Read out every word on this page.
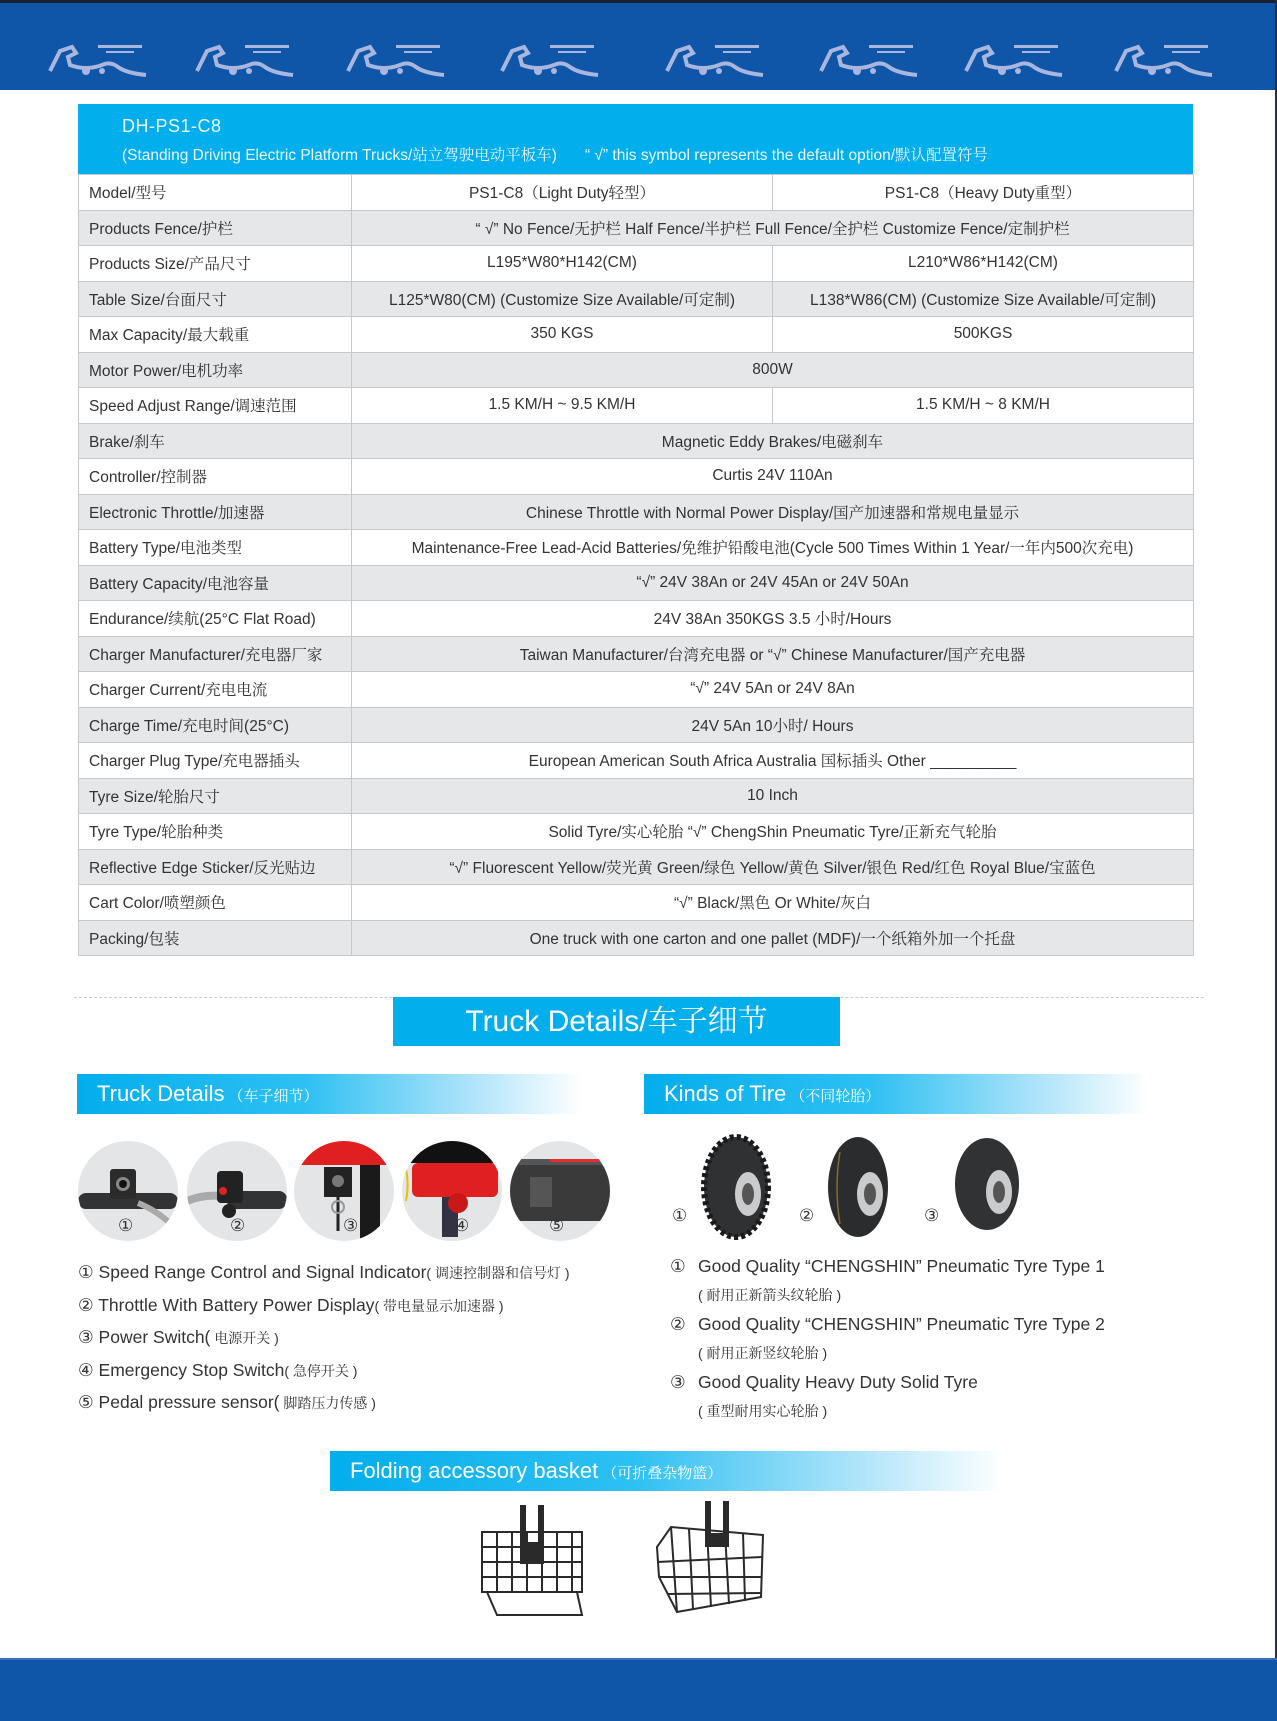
DH-PS1-C8
(Standing Driving Electric Platform Trucks/站立驾驶电动平板车) “ √” this symbol represents the default option/默认配置符号
Model/型号	PS1-C8（Light Duty轻型）	PS1-C8（Heavy Duty重型）
Products Fence/护栏	“ √” No Fence/无护栏 Half Fence/半护栏 Full Fence/全护栏 Customize Fence/定制护栏	
Products Size/产品尺寸	L195*W80*H142(CM)	L210*W86*H142(CM)
Table Size/台面尺寸	L125*W80(CM) (Customize Size Available/可定制)	L138*W86(CM) (Customize Size Available/可定制)
Max Capacity/最大载重	350 KGS	500KGS
Motor Power/电机功率	800W	
Speed Adjust Range/调速范围	1.5 KM/H ~ 9.5 KM/H	1.5 KM/H ~ 8 KM/H
Brake/刹车	Magnetic Eddy Brakes/电磁刹车	
Controller/控制器	Curtis 24V 110An	
Electronic Throttle/加速器	Chinese Throttle with Normal Power Display/国产加速器和常规电量显示	
Battery Type/电池类型	Maintenance-Free Lead-Acid Batteries/免维护铅酸电池(Cycle 500 Times Within 1 Year/一年内500次充电)	
Battery Capacity/电池容量	“√” 24V 38An or 24V 45An or 24V 50An	
Endurance/续航(25°C Flat Road)	24V 38An 350KGS 3.5 小时/Hours	
Charger Manufacturer/充电器厂家	Taiwan Manufacturer/台湾充电器 or “√” Chinese Manufacturer/国产充电器	
Charger Current/充电电流	“√” 24V 5An or 24V 8An	
Charge Time/充电时间(25°C)	24V 5An 10小时/ Hours	
Charger Plug Type/充电器插头	European American South Africa Australia 国标插头 Other __________	
Tyre Size/轮胎尺寸	10 Inch	
Tyre Type/轮胎种类	Solid Tyre/实心轮胎 “√” ChengShin Pneumatic Tyre/正新充气轮胎	
Reflective Edge Sticker/反光贴边	“√” Fluorescent Yellow/荧光黄 Green/绿色 Yellow/黄色 Silver/银色 Red/红色 Royal Blue/宝蓝色	
Cart Color/喷塑颜色	“√” Black/黑色 Or White/灰白	
Packing/包装	One truck with one carton and one pallet (MDF)/一个纸箱外加一个托盘	
Truck Details/车子细节
Truck Details （车子细节）
①	②	③	④	⑤
① Speed Range Control and Signal Indicator( 调速控制器和信号灯 )
② Throttle With Battery Power Display( 带电量显示加速器 )
③ Power Switch( 电源开关 )
④ Emergency Stop Switch( 急停开关 )
⑤ Pedal pressure sensor( 脚踏压力传感 )
Kinds of Tire （不同轮胎）
①	②	③
① Good Quality “CHENGSHIN” Pneumatic Tyre Type 1
( 耐用正新箭头纹轮胎 )
② Good Quality “CHENGSHIN” Pneumatic Tyre Type 2
( 耐用正新竖纹轮胎 )
③ Good Quality Heavy Duty Solid Tyre
( 重型耐用实心轮胎 )
Folding accessory basket （可折叠杂物篮）
